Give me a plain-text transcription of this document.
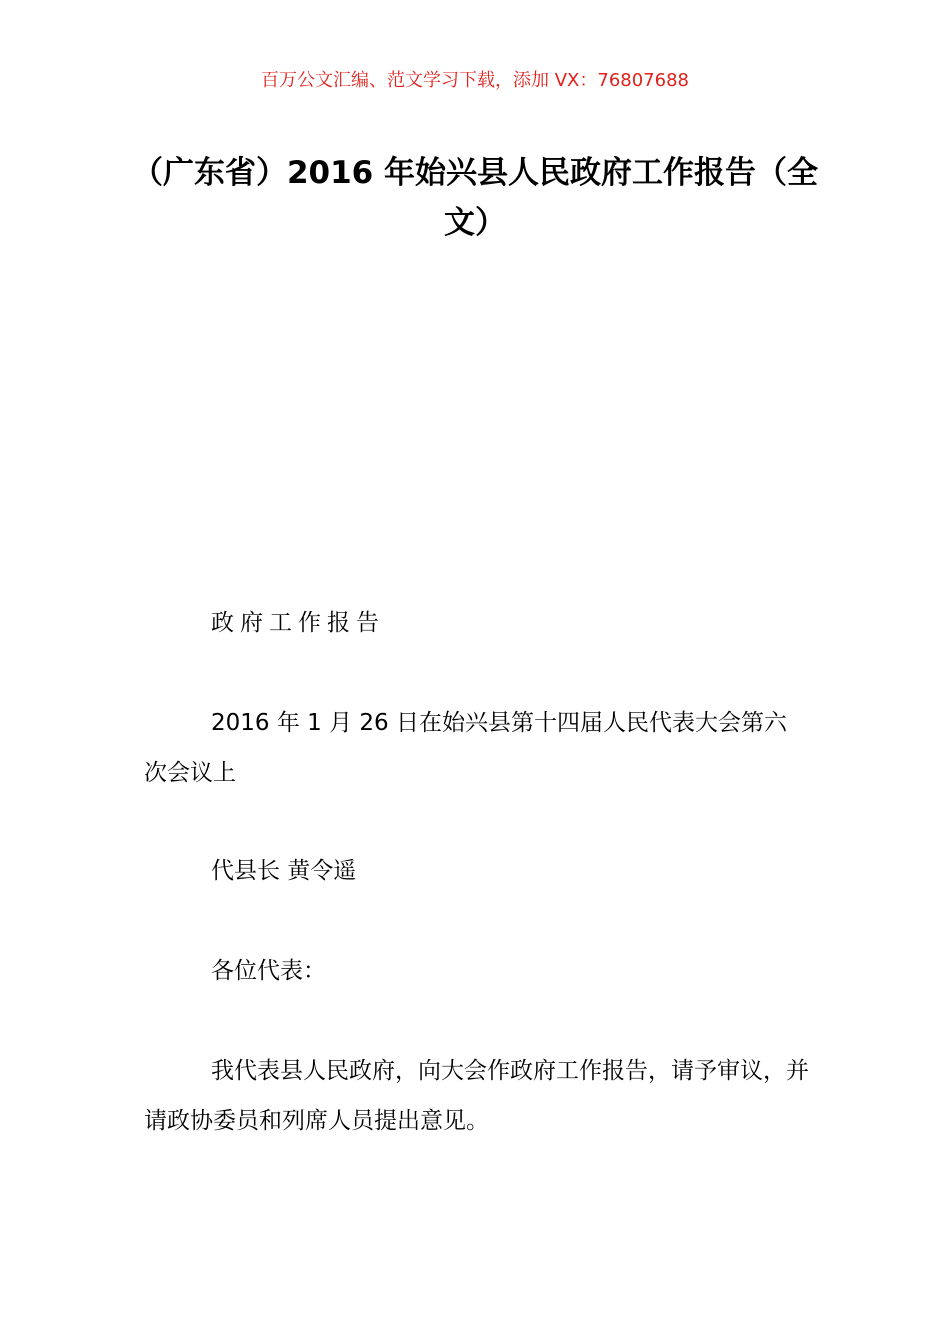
百万公文汇编、范文学习下载，添加 VX：76807688
（广东省）2016 年始兴县人民政府工作报告（全文）
政府工作报告
2016 年 1 月 26 日在始兴县第十四届人民代表大会第六次会议上
代县长 黄令遥
各位代表：
我代表县人民政府，向大会作政府工作报告，请予审议，并请政协委员和列席人员提出意见。
